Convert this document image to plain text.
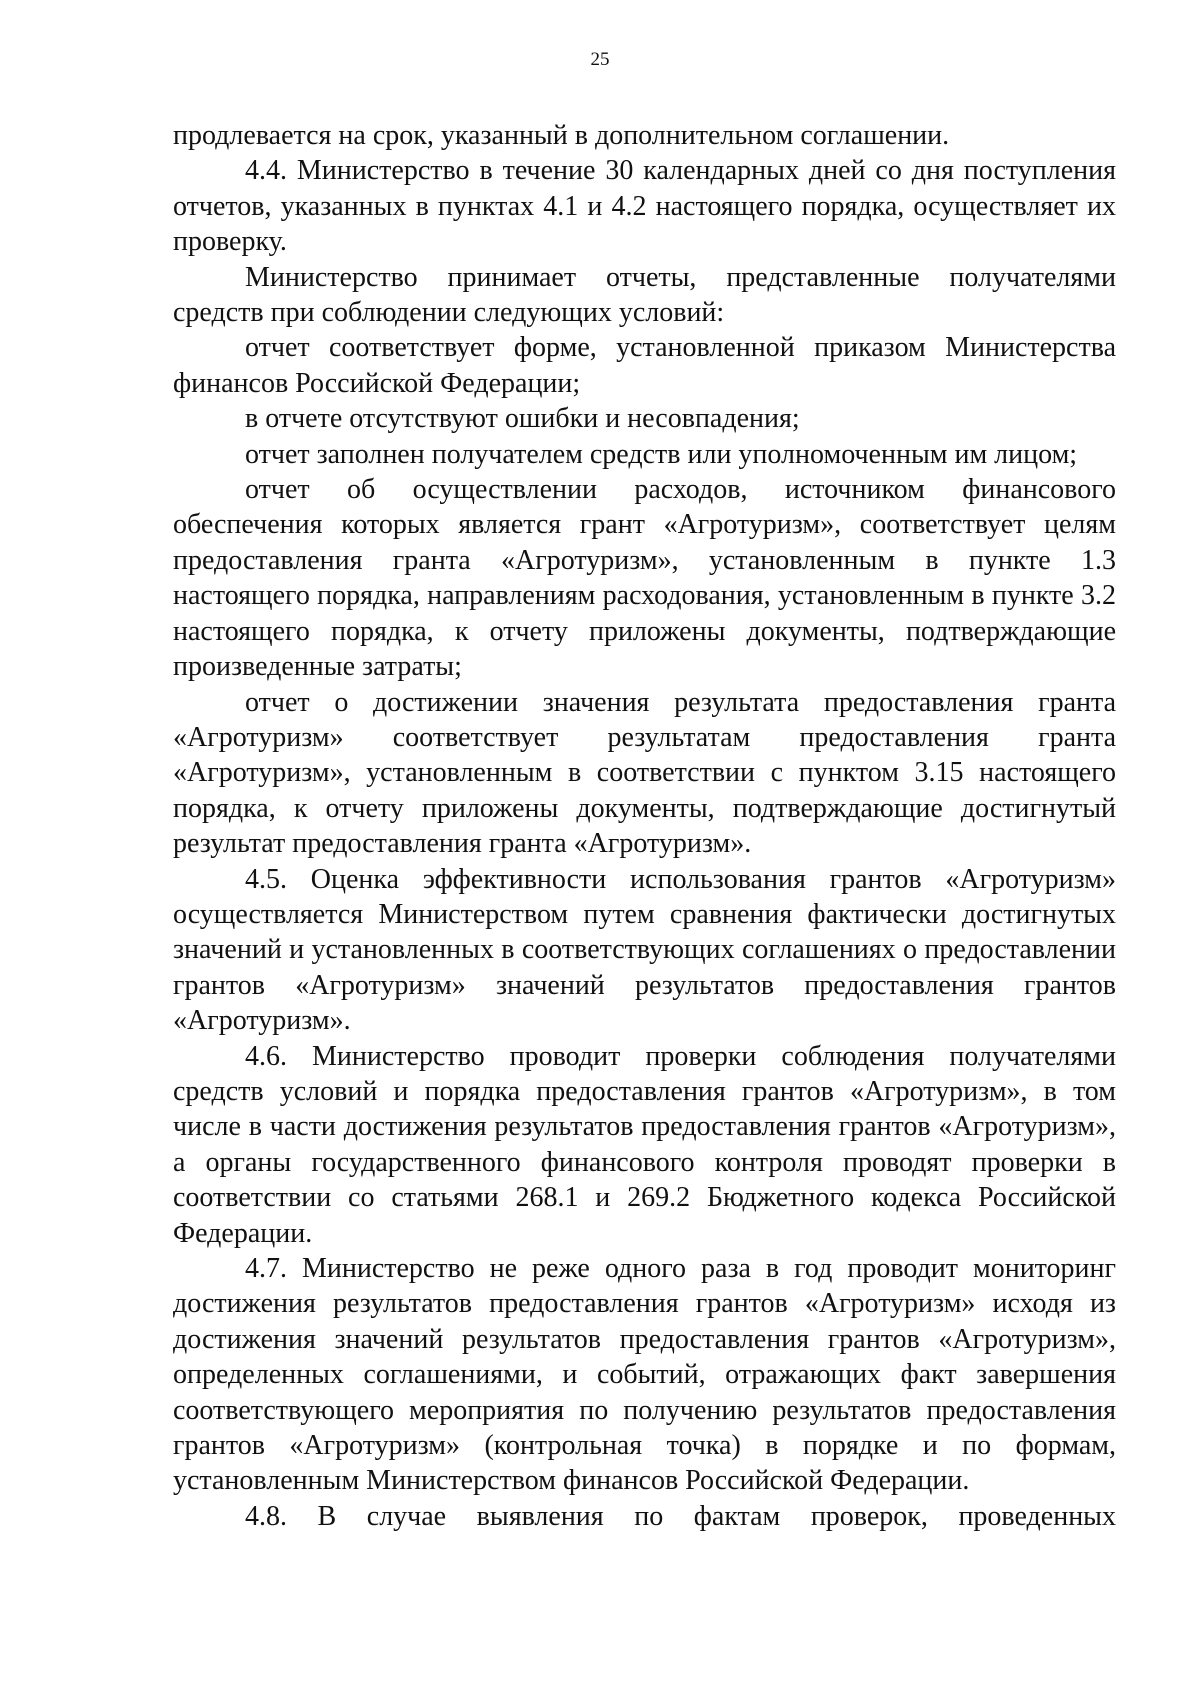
25

продлевается на срок, указанный в дополнительном соглашении.

4.4. Министерство в течение 30 календарных дней со дня поступления отчетов, указанных в пунктах 4.1 и 4.2 настоящего порядка, осуществляет их проверку.

Министерство принимает отчеты, представленные получателями средств при соблюдении следующих условий:

отчет соответствует форме, установленной приказом Министерства финансов Российской Федерации;

в отчете отсутствуют ошибки и несовпадения;

отчет заполнен получателем средств или уполномоченным им лицом;

отчет об осуществлении расходов, источником финансового обеспечения которых является грант «Агротуризм», соответствует целям предоставления гранта «Агротуризм», установленным в пункте 1.3 настоящего порядка, направлениям расходования, установленным в пункте 3.2 настоящего порядка, к отчету приложены документы, подтверждающие произведенные затраты;

отчет о достижении значения результата предоставления гранта «Агротуризм» соответствует результатам предоставления гранта «Агротуризм», установленным в соответствии с пунктом 3.15 настоящего порядка, к отчету приложены документы, подтверждающие достигнутый результат предоставления гранта «Агротуризм».

4.5. Оценка эффективности использования грантов «Агротуризм» осуществляется Министерством путем сравнения фактически достигнутых значений и установленных в соответствующих соглашениях о предоставлении грантов «Агротуризм» значений результатов предоставления грантов «Агротуризм».

4.6. Министерство проводит проверки соблюдения получателями средств условий и порядка предоставления грантов «Агротуризм», в том числе в части достижения результатов предоставления грантов «Агротуризм», а органы государственного финансового контроля проводят проверки в соответствии со статьями 268.1 и 269.2 Бюджетного кодекса Российской Федерации.

4.7. Министерство не реже одного раза в год проводит мониторинг достижения результатов предоставления грантов «Агротуризм» исходя из достижения значений результатов предоставления грантов «Агротуризм», определенных соглашениями, и событий, отражающих факт завершения соответствующего мероприятия по получению результатов предоставления грантов «Агротуризм» (контрольная точка) в порядке и по формам, установленным Министерством финансов Российской Федерации.

4.8. В случае выявления по фактам проверок, проведенных
